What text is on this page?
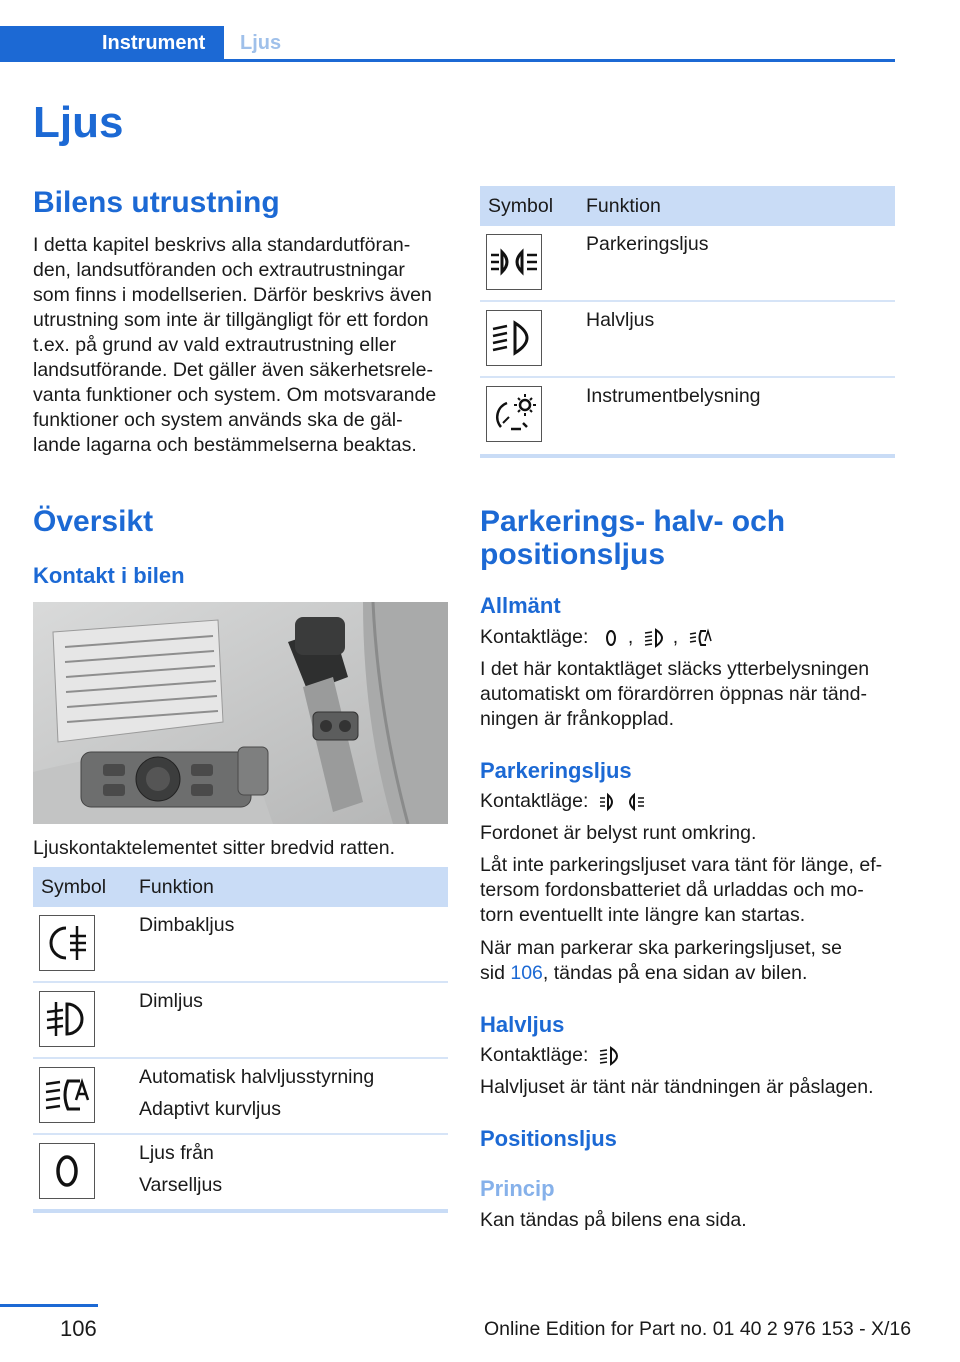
Instrument Ljus
Ljus
Bilens utrustning
I detta kapitel beskrivs alla standardutföran‐
den, landsutföranden och extrautrustningar
som finns i modellserien. Därför beskrivs även
utrustning som inte är tillgängligt för ett fordon
t.ex. på grund av vald extrautrustning eller
landsutförande. Det gäller även säkerhetsrele‐
vanta funktioner och system. Om motsvarande
funktioner och system används ska de gäl‐
lande lagarna och bestämmelserna beaktas.
Översikt
Kontakt i bilen
Ljuskontaktelementet sitter bredvid ratten.
Symbol Funktion
Dimbakljus
Dimljus
Automatisk halvljusstyrning
Adaptivt kurvljus
Ljus från
Varselljus
Symbol Funktion
Parkeringsljus
Halvljus
Instrumentbelysning
Parkerings- halv- och
positionsljus
Allmänt
Kontaktläge: , ,
I det här kontaktläget släcks ytterbelysningen
automatiskt om förardörren öppnas när tänd‐
ningen är frånkopplad.
Parkeringsljus
Kontaktläge:
Fordonet är belyst runt omkring.
Låt inte parkeringsljuset vara tänt för länge, ef‐
tersom fordonsbatteriet då urladdas och mo‐
torn eventuellt inte längre kan startas.
När man parkerar ska parkeringsljuset, se
sid 106, tändas på ena sidan av bilen.
Halvljus
Kontaktläge:
Halvljuset är tänt när tändningen är påslagen.
Positionsljus
Princip
Kan tändas på bilens ena sida.
106	Online Edition for Part no. 01 40 2 976 153 - X/16
